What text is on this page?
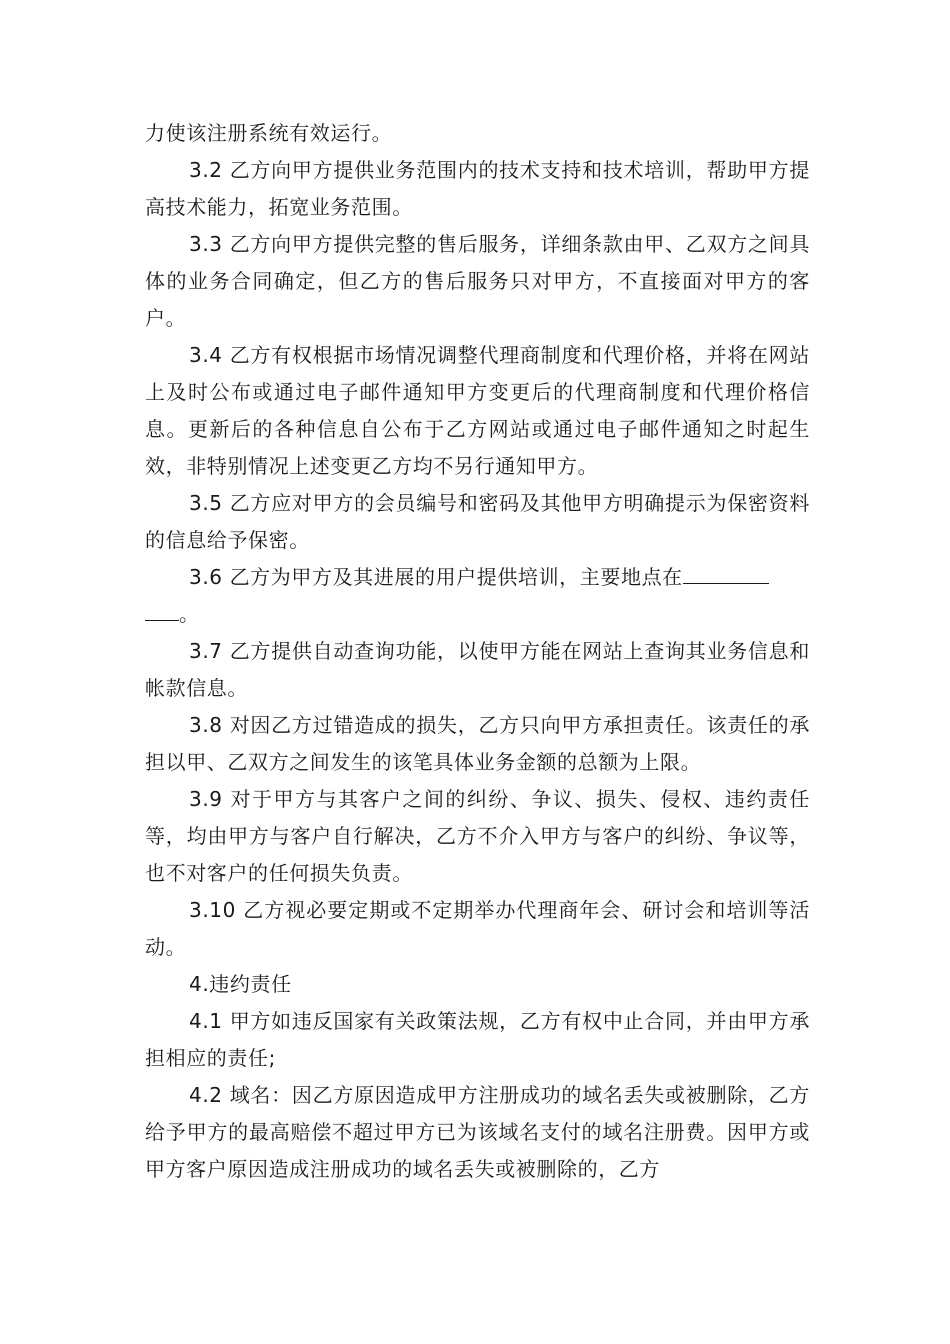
力使该注册系统有效运行。

3.2 乙方向甲方提供业务范围内的技术支持和技术培训，帮助甲方提高技术能力，拓宽业务范围。

3.3 乙方向甲方提供完整的售后服务，详细条款由甲、乙双方之间具体的业务合同确定，但乙方的售后服务只对甲方，不直接面对甲方的客户。

3.4 乙方有权根据市场情况调整代理商制度和代理价格，并将在网站上及时公布或通过电子邮件通知甲方变更后的代理商制度和代理价格信息。更新后的各种信息自公布于乙方网站或通过电子邮件通知之时起生效，非特别情况上述变更乙方均不另行通知甲方。

3.5 乙方应对甲方的会员编号和密码及其他甲方明确提示为保密资料的信息给予保密。

3.6 乙方为甲方及其进展的用户提供培训，主要地点在
。

3.7 乙方提供自动查询功能，以使甲方能在网站上查询其业务信息和帐款信息。

3.8 对因乙方过错造成的损失，乙方只向甲方承担责任。该责任的承担以甲、乙双方之间发生的该笔具体业务金额的总额为上限。

3.9 对于甲方与其客户之间的纠纷、争议、损失、侵权、违约责任等，均由甲方与客户自行解决，乙方不介入甲方与客户的纠纷、争议等，也不对客户的任何损失负责。

3.10 乙方视必要定期或不定期举办代理商年会、研讨会和培训等活动。

4.违约责任

4.1 甲方如违反国家有关政策法规，乙方有权中止合同，并由甲方承担相应的责任;

4.2 域名：因乙方原因造成甲方注册成功的域名丢失或被删除，乙方给予甲方的最高赔偿不超过甲方已为该域名支付的域名注册费。因甲方或甲方客户原因造成注册成功的域名丢失或被删除的，乙方
